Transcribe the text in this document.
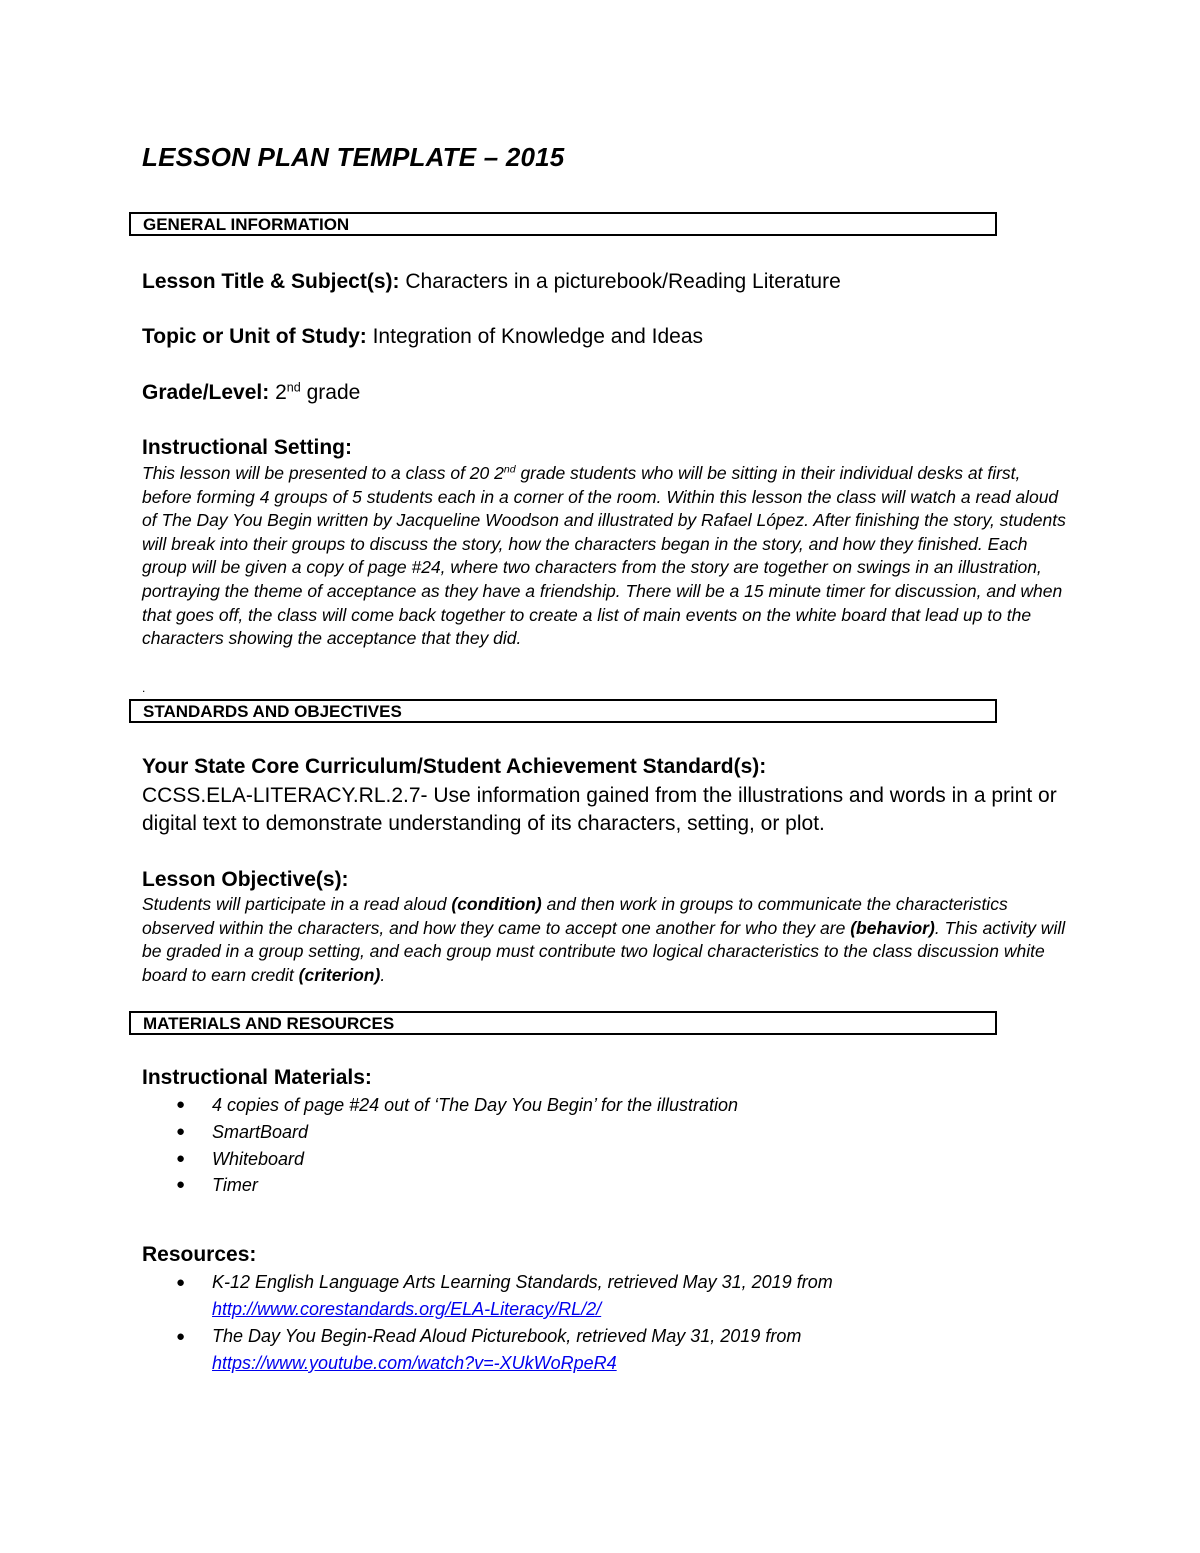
LESSON PLAN TEMPLATE – 2015
GENERAL INFORMATION

Lesson Title & Subject(s): Characters in a picturebook/Reading Literature

Topic or Unit of Study: Integration of Knowledge and Ideas

Grade/Level: 2nd grade

Instructional Setting:

This lesson will be presented to a class of 20 2nd grade students who will be sitting in their individual desks at first, before forming 4 groups of 5 students each in a corner of the room. Within this lesson the class will watch a read aloud of The Day You Begin written by Jacqueline Woodson and illustrated by Rafael López. After finishing the story, students will break into their groups to discuss the story, how the characters began in the story, and how they finished. Each group will be given a copy of page #24, where two characters from the story are together on swings in an illustration, portraying the theme of acceptance as they have a friendship. There will be a 15 minute timer for discussion, and when that goes off, the class will come back together to create a list of main events on the white board that lead up to the characters showing the acceptance that they did.

.
STANDARDS AND OBJECTIVES

Your State Core Curriculum/Student Achievement Standard(s):

CCSS.ELA-LITERACY.RL.2.7- Use information gained from the illustrations and words in a print or digital text to demonstrate understanding of its characters, setting, or plot.

Lesson Objective(s):

Students will participate in a read aloud (condition) and then work in groups to communicate the characteristics observed within the characters, and how they came to accept one another for who they are (behavior). This activity will be graded in a group setting, and each group must contribute two logical characteristics to the class discussion white board to earn credit (criterion).

MATERIALS AND RESOURCES

Instructional Materials:

● 4 copies of page #24 out of ‘The Day You Begin’ for the illustration
● SmartBoard
● Whiteboard
● Timer

Resources:

● K-12 English Language Arts Learning Standards, retrieved May 31, 2019 from
http://www.corestandards.org/ELA-Literacy/RL/2/
● The Day You Begin-Read Aloud Picturebook, retrieved May 31, 2019 from
https://www.youtube.com/watch?v=-XUkWoRpeR4
